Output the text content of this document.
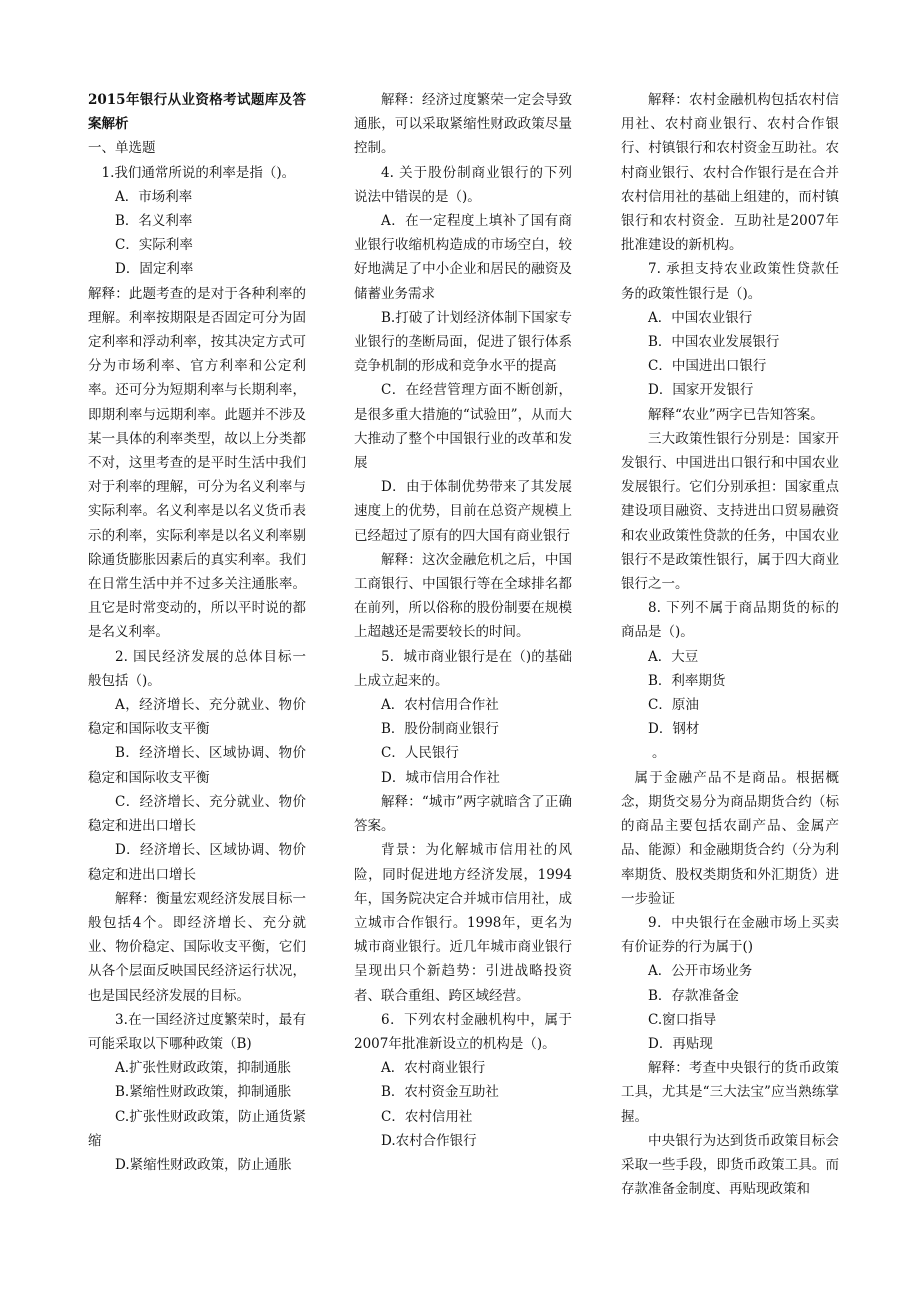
2015年银行从业资格考试题库及答案解析

一、单选题

1.我们通常所说的利率是指（)。

A．市场利率

B．名义利率

C．实际利率

D．固定利率

解释：此题考查的是对于各种利率的理解。利率按期限是否固定可分为固定利率和浮动利率，按其决定方式可分为市场利率、官方利率和公定利率。还可分为短期利率与长期利率，即期利率与远期利率。此题并不涉及某一具体的利率类型，故以上分类都不对，这里考查的是平时生活中我们对于利率的理解，可分为名义利率与实际利率。名义利率是以名义货币表示的利率，实际利率是以名义利率剔除通货膨胀因素后的真实利率。我们在日常生活中并不过多关注通胀率。且它是时常变动的，所以平时说的都是名义利率。

2. 国民经济发展的总体目标一般包括（)。

A，经济增长、充分就业、物价稳定和国际收支平衡

B．经济增长、区域协调、物价稳定和国际收支平衡

C．经济增长、充分就业、物价稳定和进出口增长

D．经济增长、区域协调、物价稳定和进出口增长

解释：衡量宏观经济发展目标一般包括4个。即经济增长、充分就业、物价稳定、国际收支平衡，它们从各个层面反映国民经济运行状况，也是国民经济发展的目标。

3.在一国经济过度繁荣时，最有可能采取以下哪种政策（B)

A.扩张性财政政策，抑制通胀

B.紧缩性财政政策，抑制通胀

C.扩张性财政政策，防止通货紧缩

D.紧缩性财政政策，防止通胀

解释：经济过度繁荣一定会导致通胀，可以采取紧缩性财政政策尽量控制。

4. 关于股份制商业银行的下列说法中错误的是（)。

A．在一定程度上填补了国有商业银行收缩机构造成的市场空白，较好地满足了中小企业和居民的融资及储蓄业务需求

B.打破了计划经济体制下国家专业银行的垄断局面，促进了银行体系竞争机制的形成和竞争水平的提高

C．在经营管理方面不断创新，是很多重大措施的“试验田”，从而大大推动了整个中国银行业的改革和发展

D．由于体制优势带来了其发展速度上的优势，目前在总资产规模上已经超过了原有的四大国有商业银行

解释：这次金融危机之后，中国工商银行、中国银行等在全球排名都在前列，所以俗称的股份制要在规模上超越还是需要较长的时间。

5．城市商业银行是在（)的基础上成立起来的。

A．农村信用合作社

B．股份制商业银行

C．人民银行

D．城市信用合作社

解释：“城市”两字就暗含了正确答案。

背景：为化解城市信用社的风险，同时促进地方经济发展，1994年，国务院决定合并城市信用社，成立城市合作银行。1998年，更名为城市商业银行。近几年城市商业银行呈现出只个新趋势：引进战略投资者、联合重组、跨区域经营。

6．下列农村金融机构中，属于2007年批准新设立的机构是（)。

A．农村商业银行

B．农村资金互助社

C．农村信用社

D.农村合作银行

解释：农村金融机构包括农村信用社、农村商业银行、农村合作银行、村镇银行和农村资金互助社。农村商业银行、农村合作银行是在合并农村信用社的基础上组建的，而村镇银行和农村资金．互助社是2007年批准建设的新机构。

7. 承担支持农业政策性贷款任务的政策性银行是（)。

A．中国农业银行

B．中国农业发展银行

C．中国进出口银行

D．国家开发银行

解释“农业”两字已告知答案。

三大政策性银行分别是：国家开发银行、中国进出口银行和中国农业发展银行。它们分别承担：国家重点建设项目融资、支持进出口贸易融资和农业政策性贷款的任务，中国农业银行不是政策性银行，属于四大商业银行之一。

8. 下列不属于商品期货的标的商品是（)。

A．大豆

B．利率期货

C．原油

D．钢材

。

属于金融产品不是商品。根据概念，期货交易分为商品期货合约（标的商品主要包括农副产品、金属产品、能源）和金融期货合约（分为利率期货、股权类期货和外汇期货）进一步验证

9．中央银行在金融市场上买卖有价证券的行为属于()

A．公开市场业务

B．存款准备金

C.窗口指导

D．再贴现

解释：考查中央银行的货币政策工具，尤其是“三大法宝”应当熟练掌握。

中央银行为达到货币政策目标会采取一些手段，即货币政策工具。而存款准备金制度、再贴现政策和
